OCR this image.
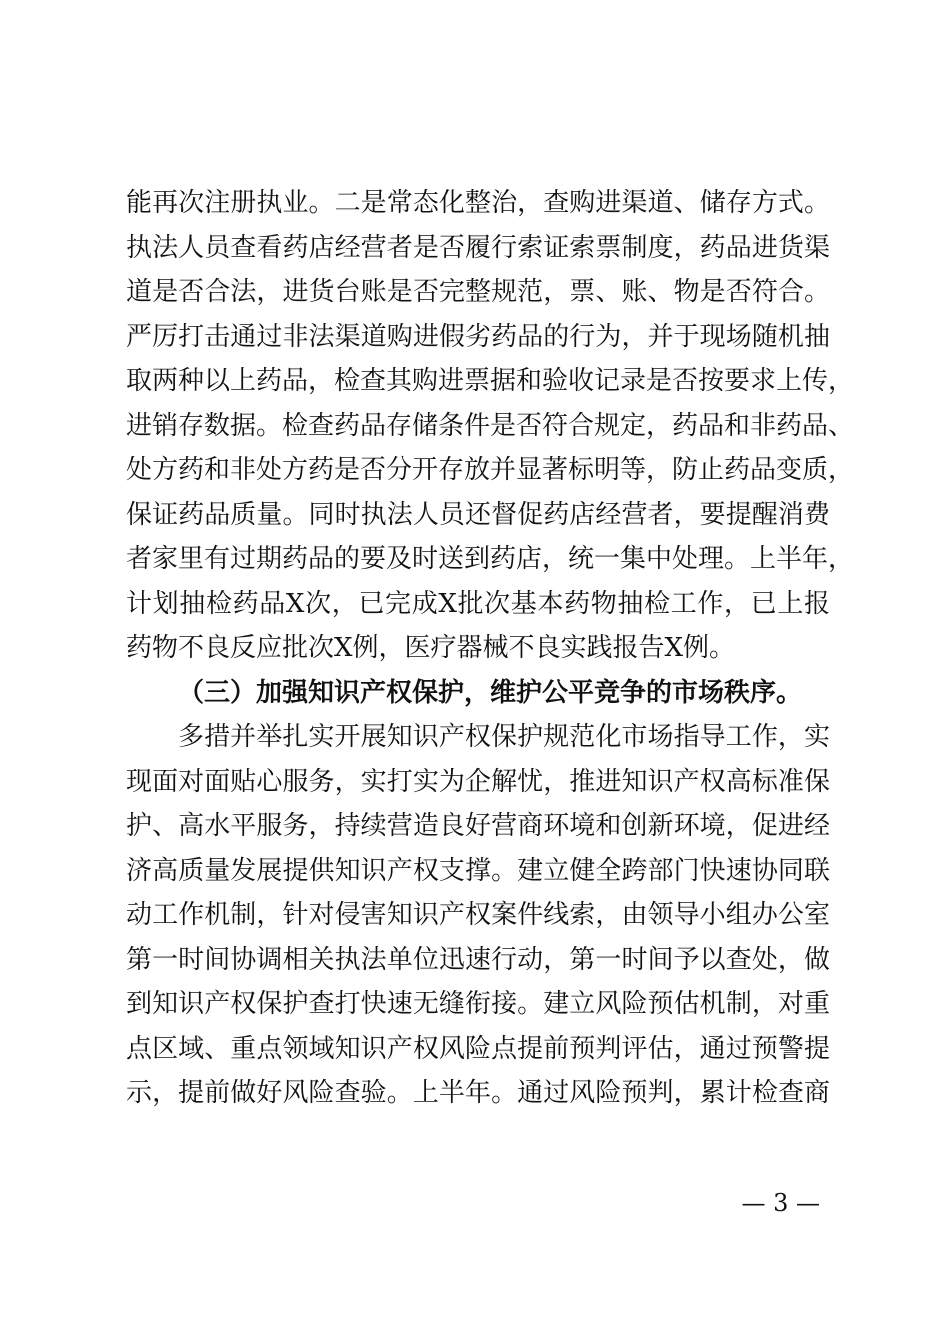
能再次注册执业。二是常态化整治，查购进渠道、储存方式。
执法人员查看药店经营者是否履行索证索票制度，药品进货渠
道是否合法，进货台账是否完整规范，票、账、物是否符合。
严厉打击通过非法渠道购进假劣药品的行为，并于现场随机抽
取两种以上药品，检查其购进票据和验收记录是否按要求上传，
进销存数据。检查药品存储条件是否符合规定，药品和非药品、
处方药和非处方药是否分开存放并显著标明等，防止药品变质，
保证药品质量。同时执法人员还督促药店经营者，要提醒消费
者家里有过期药品的要及时送到药店，统一集中处理。上半年，
计划抽检药品X次，已完成X批次基本药物抽检工作，已上报
药物不良反应批次X例，医疗器械不良实践报告X例。
（三）加强知识产权保护，维护公平竞争的市场秩序。
多措并举扎实开展知识产权保护规范化市场指导工作，实
现面对面贴心服务，实打实为企解忧，推进知识产权高标准保
护、高水平服务，持续营造良好营商环境和创新环境，促进经
济高质量发展提供知识产权支撑。建立健全跨部门快速协同联
动工作机制，针对侵害知识产权案件线索，由领导小组办公室
第一时间协调相关执法单位迅速行动，第一时间予以查处，做
到知识产权保护查打快速无缝衔接。建立风险预估机制，对重
点区域、重点领域知识产权风险点提前预判评估，通过预警提
示，提前做好风险查验。上半年。通过风险预判，累计检查商
— 3 —
